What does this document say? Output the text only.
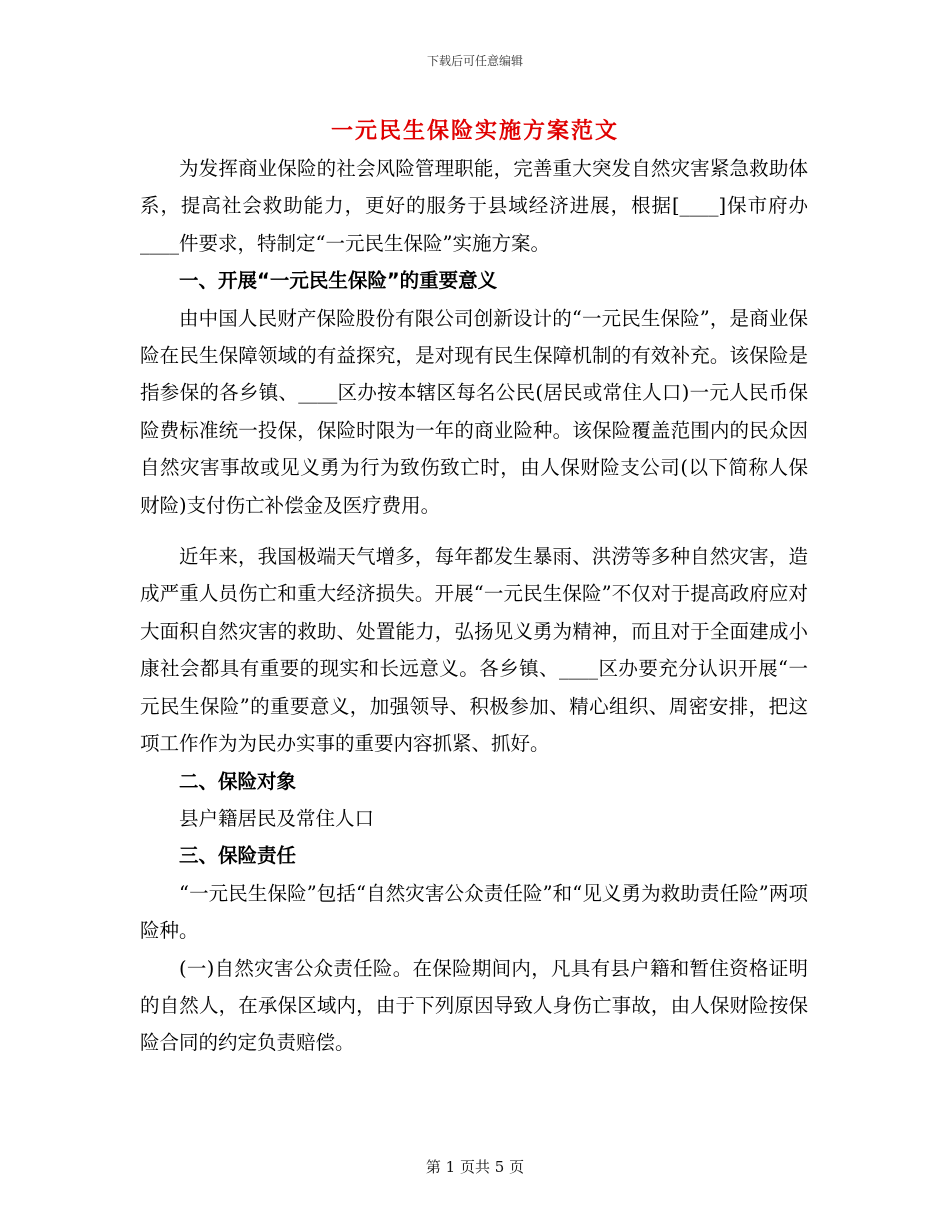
下载后可任意编辑
一元民生保险实施方案范文

为发挥商业保险的社会风险管理职能，完善重大突发自然灾害紧急救助体系，提高社会救助能力，更好的服务于县域经济进展，根据[____]保市府办____件要求，特制定“一元民生保险”实施方案。

一、开展“一元民生保险”的重要意义

由中国人民财产保险股份有限公司创新设计的“一元民生保险”，是商业保险在民生保障领域的有益探究，是对现有民生保障机制的有效补充。该保险是指参保的各乡镇、____区办按本辖区每名公民(居民或常住人口)一元人民币保险费标准统一投保，保险时限为一年的商业险种。该保险覆盖范围内的民众因自然灾害事故或见义勇为行为致伤致亡时，由人保财险支公司(以下简称人保财险)支付伤亡补偿金及医疗费用。

近年来，我国极端天气增多，每年都发生暴雨、洪涝等多种自然灾害，造成严重人员伤亡和重大经济损失。开展“一元民生保险”不仅对于提高政府应对大面积自然灾害的救助、处置能力，弘扬见义勇为精神，而且对于全面建成小康社会都具有重要的现实和长远意义。各乡镇、____区办要充分认识开展“一元民生保险”的重要意义，加强领导、积极参加、精心组织、周密安排，把这项工作作为为民办实事的重要内容抓紧、抓好。

二、保险对象

县户籍居民及常住人口

三、保险责任

“一元民生保险”包括“自然灾害公众责任险”和“见义勇为救助责任险”两项险种。

(一)自然灾害公众责任险。在保险期间内，凡具有县户籍和暂住资格证明的自然人，在承保区域内，由于下列原因导致人身伤亡事故，由人保财险按保险合同的约定负责赔偿。

第 1 页共 5 页
